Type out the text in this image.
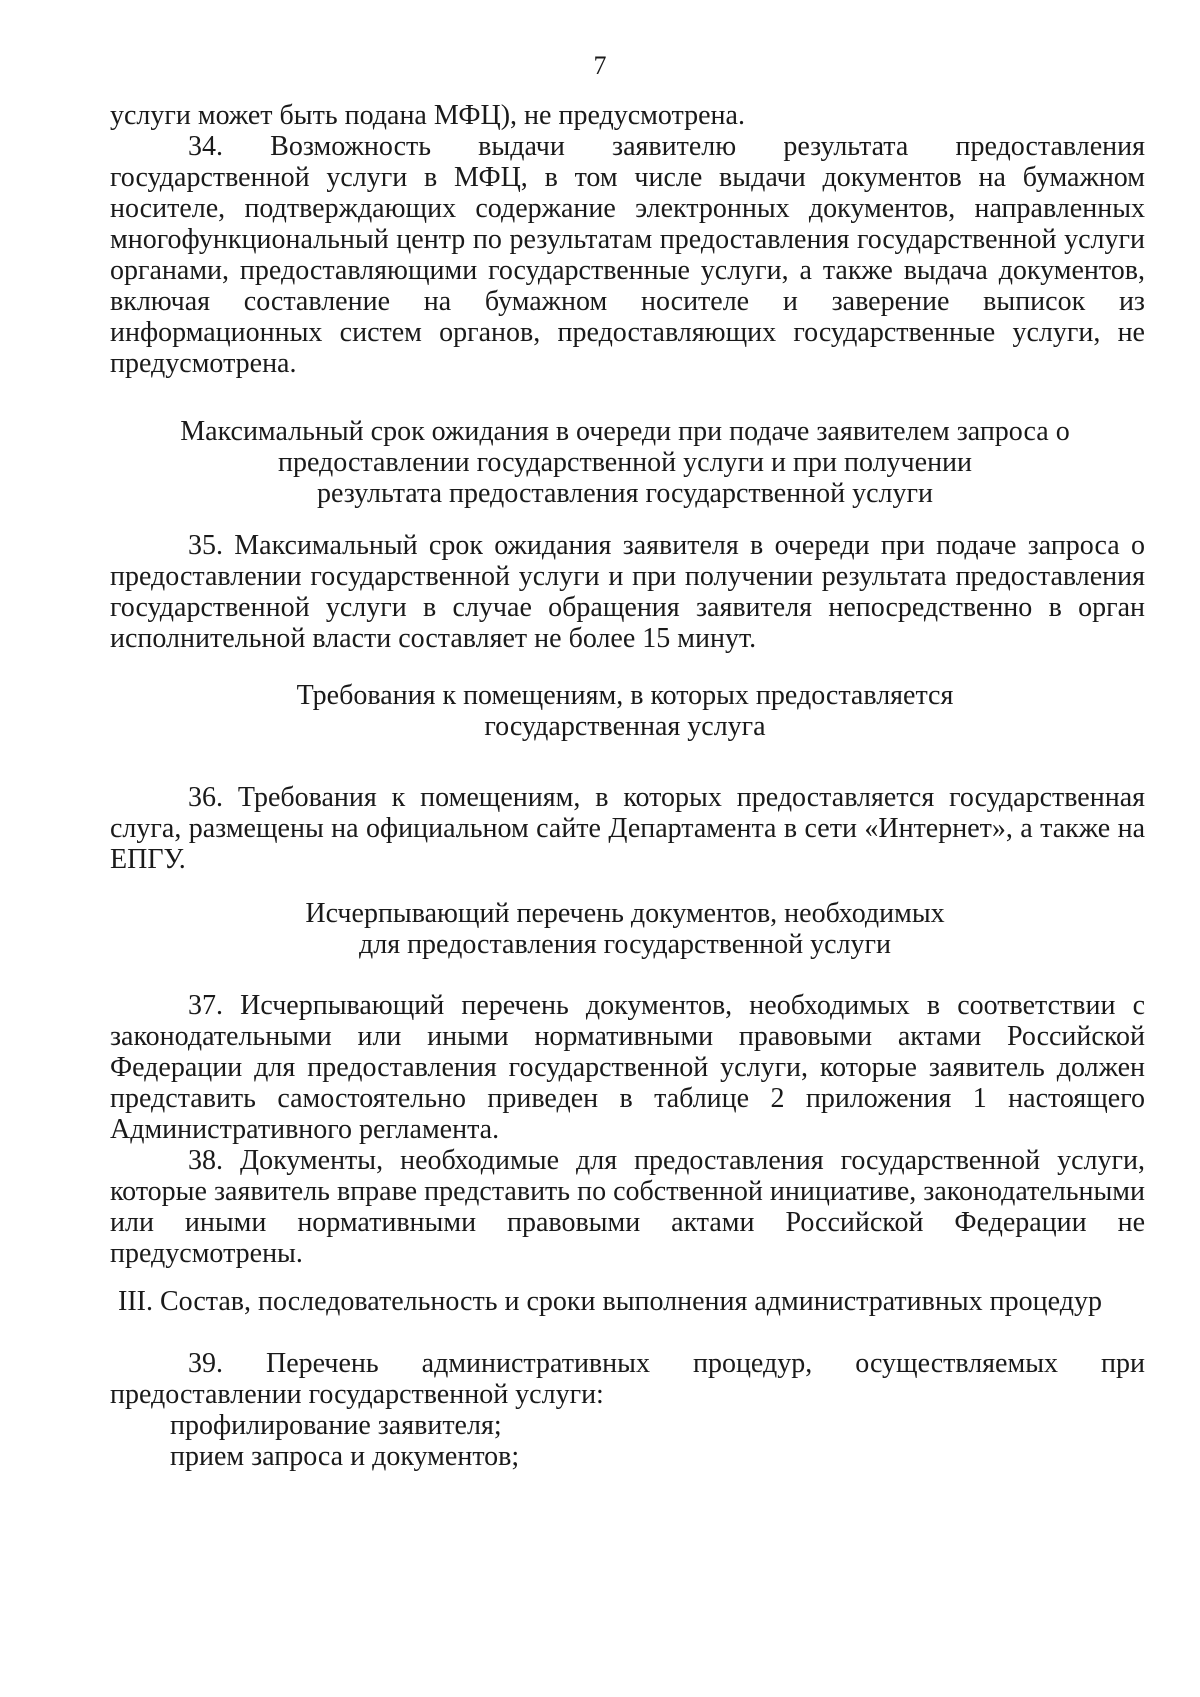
7

услуги может быть подана МФЦ), не предусмотрена.

34. Возможность выдачи заявителю результата предоставления государственной услуги в МФЦ, в том числе выдачи документов на бумажном носителе, подтверждающих содержание электронных документов, направленных многофункциональный центр по результатам предоставления государственной услуги органами, предоставляющими государственные услуги, а также выдача документов, включая составление на бумажном носителе и заверение выписок из информационных систем органов, предоставляющих государственные услуги, не предусмотрена.

Максимальный срок ожидания в очереди при подаче заявителем запроса о

предоставлении государственной услуги и при получении

результата предоставления государственной услуги

35. Максимальный срок ожидания заявителя в очереди при подаче запроса о предоставлении государственной услуги и при получении результата предоставления государственной услуги в случае обращения заявителя непосредственно в орган исполнительной власти составляет не более 15 минут.

Требования к помещениям, в которых предоставляется

государственная услуга

36. Требования к помещениям, в которых предоставляется государственная слуга, размещены на официальном сайте Департамента в сети «Интернет», а также на ЕПГУ.

Исчерпывающий перечень документов, необходимых

для предоставления государственной услуги

37. Исчерпывающий перечень документов, необходимых в соответствии с законодательными или иными нормативными правовыми актами Российской Федерации для предоставления государственной услуги, которые заявитель должен представить самостоятельно приведен в таблице 2 приложения 1 настоящего Административного регламента.

38. Документы, необходимые для предоставления государственной услуги, которые заявитель вправе представить по собственной инициативе, законодательными или иными нормативными правовыми актами Российской Федерации не предусмотрены.

III. Состав, последовательность и сроки выполнения административных процедур

39. Перечень административных процедур, осуществляемых при предоставлении государственной услуги:

профилирование заявителя;

прием запроса и документов;
